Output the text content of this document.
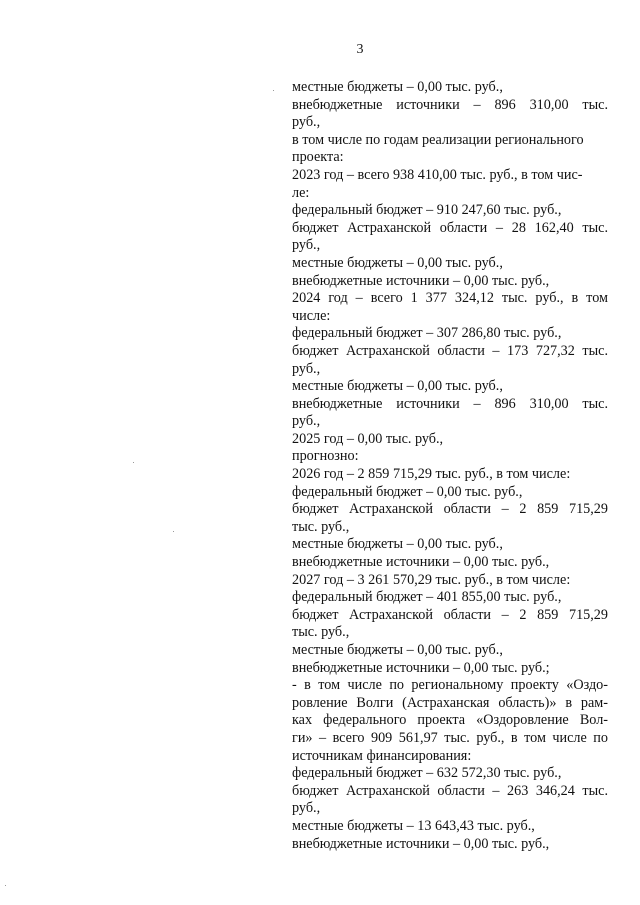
3
местные бюджеты – 0,00 тыс. руб.,
внебюджетные источники – 896 310,00 тыс.
руб.,
в том числе по годам реализации регионального
проекта:
2023 год – всего 938 410,00 тыс. руб., в том чис-
ле:
федеральный бюджет – 910 247,60 тыс. руб.,
бюджет Астраханской области – 28 162,40 тыс.
руб.,
местные бюджеты – 0,00 тыс. руб.,
внебюджетные источники – 0,00 тыс. руб.,
2024 год – всего 1 377 324,12 тыс. руб., в том
числе:
федеральный бюджет – 307 286,80 тыс. руб.,
бюджет Астраханской области – 173 727,32 тыс.
руб.,
местные бюджеты – 0,00 тыс. руб.,
внебюджетные источники – 896 310,00 тыс.
руб.,
2025 год – 0,00 тыс. руб.,
прогнозно:
2026 год – 2 859 715,29 тыс. руб., в том числе:
федеральный бюджет – 0,00 тыс. руб.,
бюджет Астраханской области – 2 859 715,29
тыс. руб.,
местные бюджеты – 0,00 тыс. руб.,
внебюджетные источники – 0,00 тыс. руб.,
2027 год – 3 261 570,29 тыс. руб., в том числе:
федеральный бюджет – 401 855,00 тыс. руб.,
бюджет Астраханской области – 2 859 715,29
тыс. руб.,
местные бюджеты – 0,00 тыс. руб.,
внебюджетные источники – 0,00 тыс. руб.;
- в том числе по региональному проекту «Оздо-
ровление Волги (Астраханская область)» в рам-
ках федерального проекта «Оздоровление Вол-
ги» – всего 909 561,97 тыс. руб., в том числе по
источникам финансирования:
федеральный бюджет – 632 572,30 тыс. руб.,
бюджет Астраханской области – 263 346,24 тыс.
руб.,
местные бюджеты – 13 643,43 тыс. руб.,
внебюджетные источники – 0,00 тыс. руб.,
